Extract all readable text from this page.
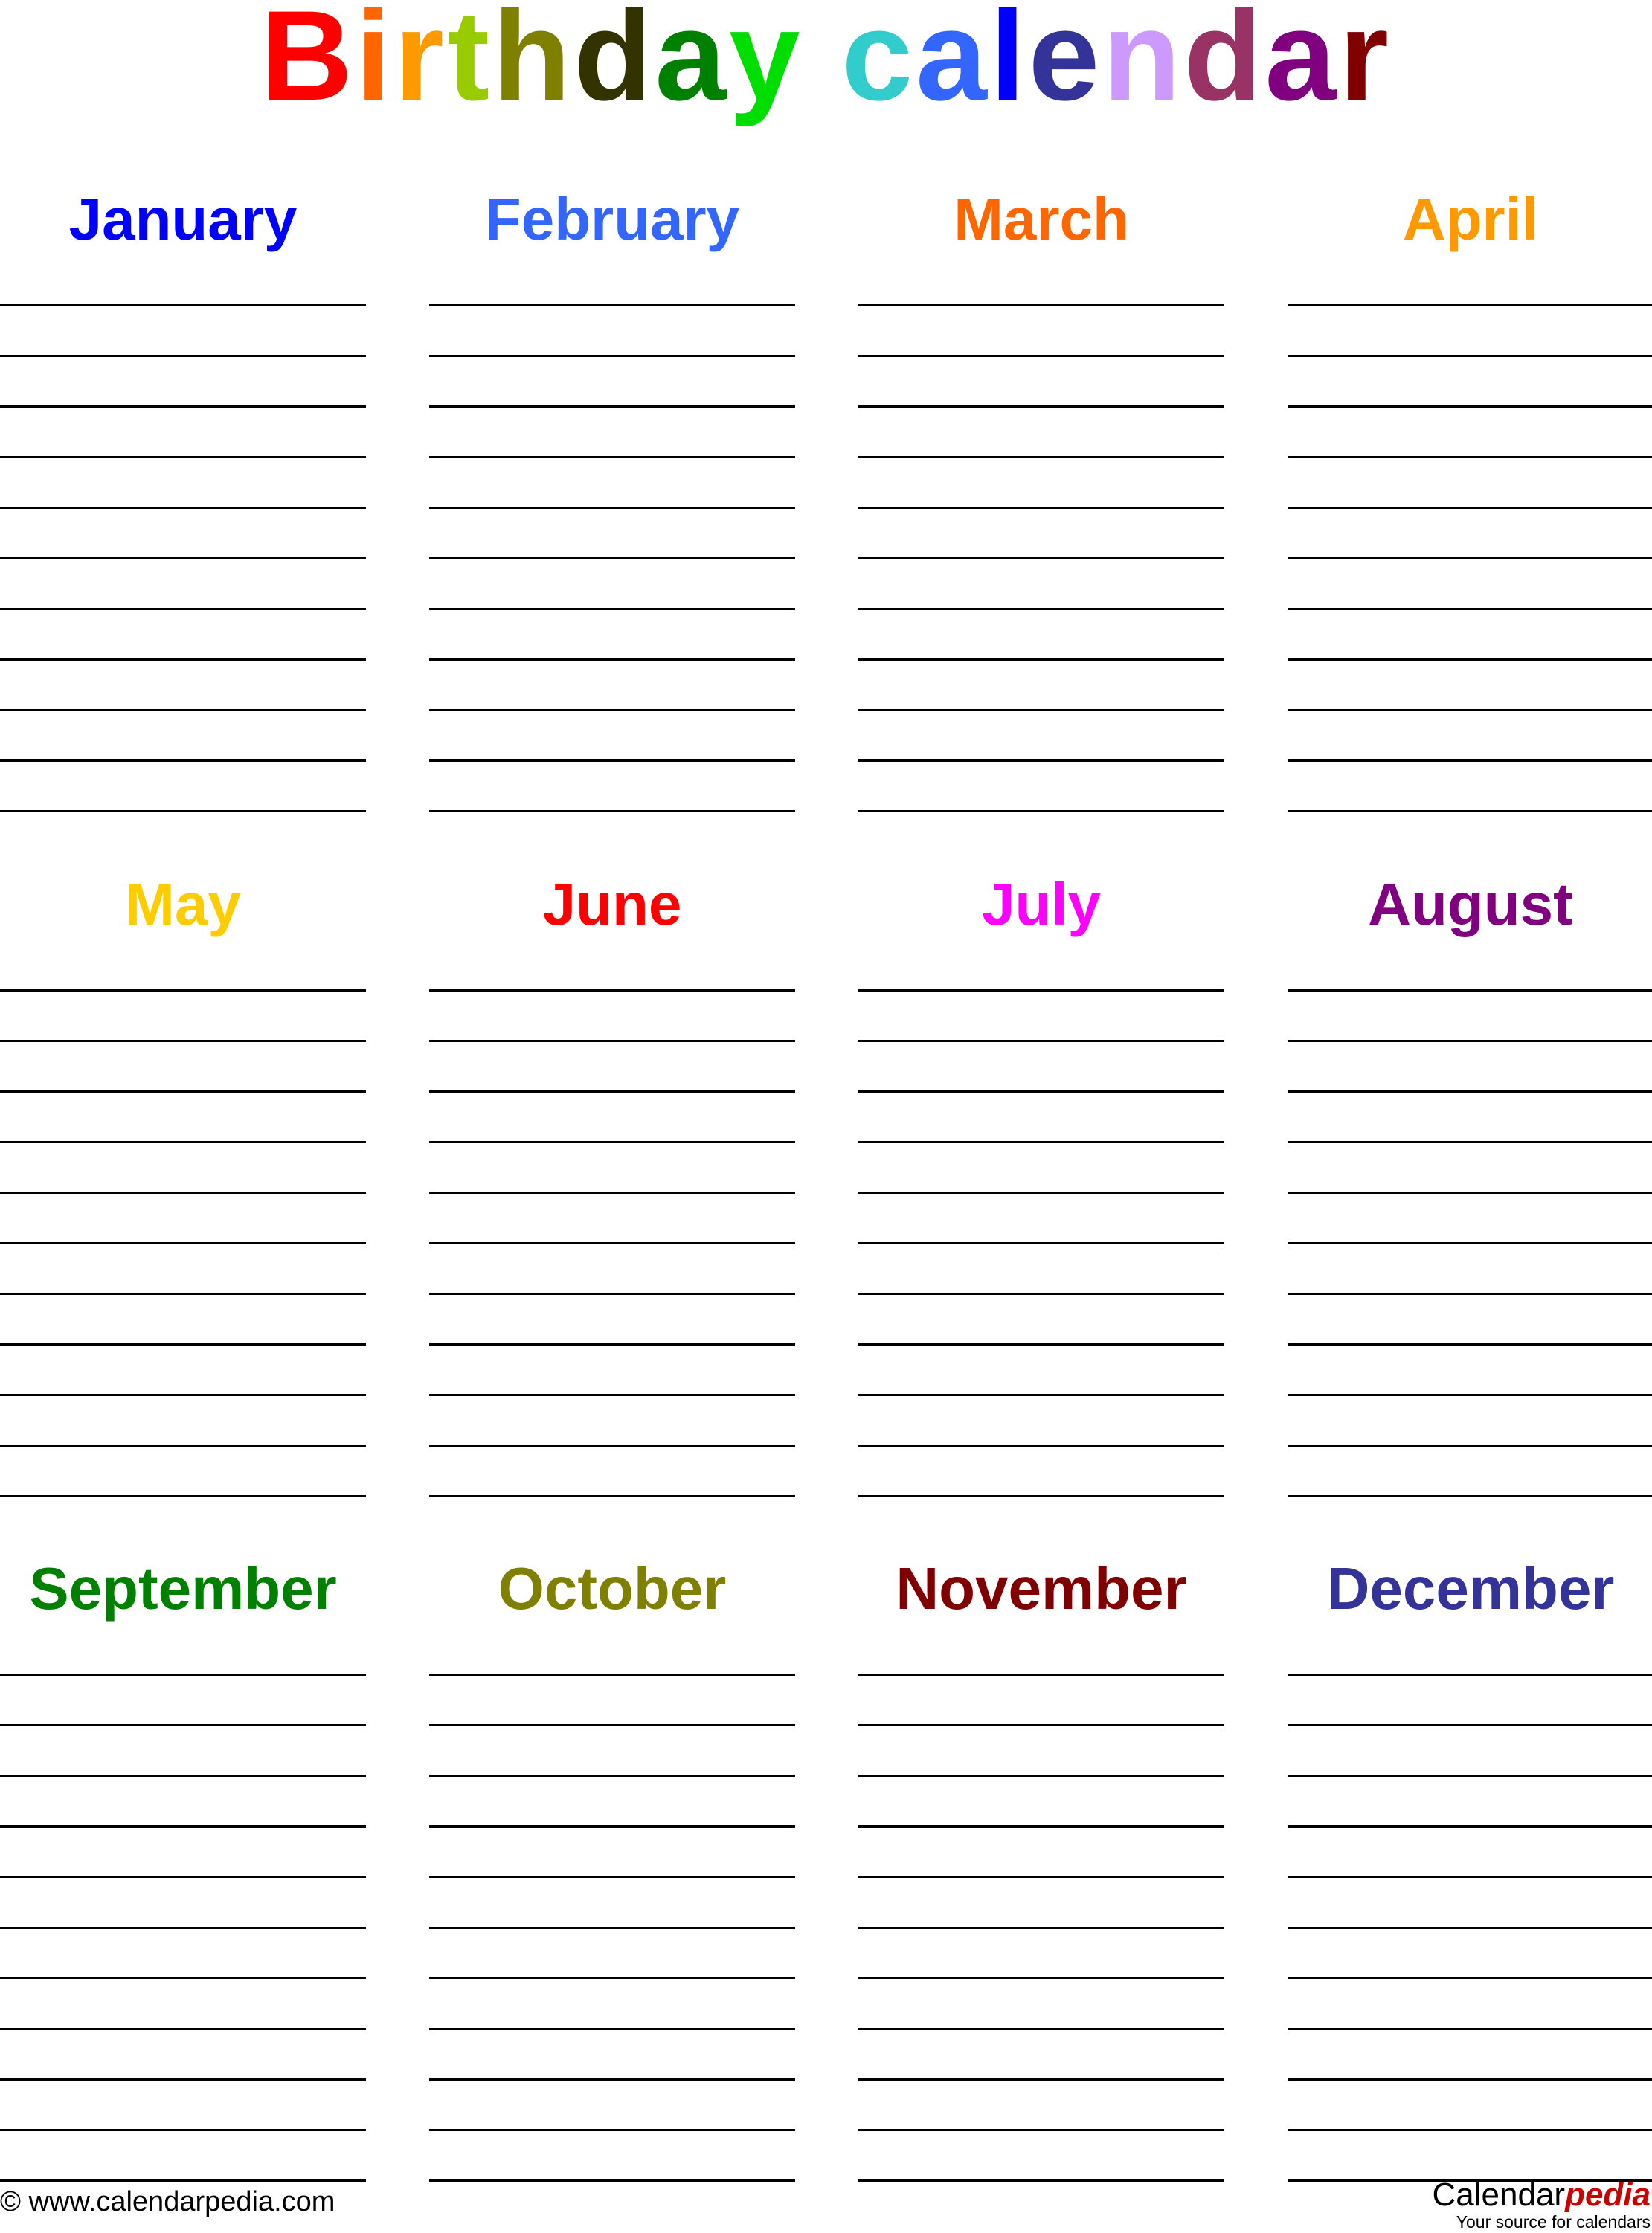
Birthday calendar
January	February	March	April
May	June	July	August
September	October	November	December
© www.calendarpedia.com	Calendarpedia
Your source for calendars
